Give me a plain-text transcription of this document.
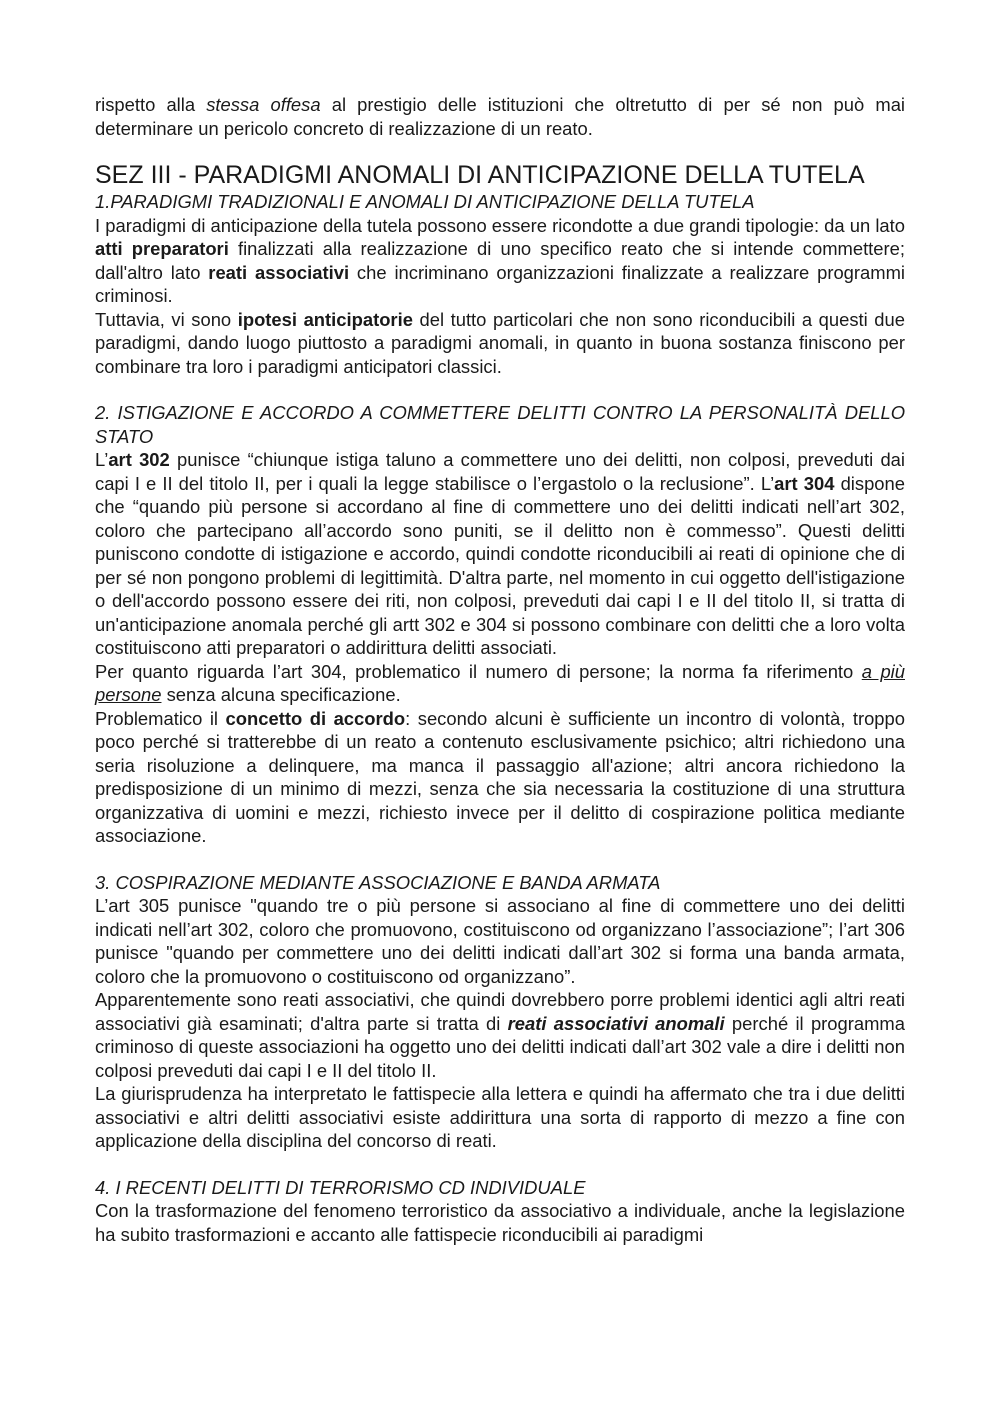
rispetto alla stessa offesa al prestigio delle istituzioni che oltretutto di per sé non può mai determinare un pericolo concreto di realizzazione di un reato.

SEZ III - PARADIGMI ANOMALI DI ANTICIPAZIONE DELLA TUTELA
1.PARADIGMI TRADIZIONALI E ANOMALI DI ANTICIPAZIONE DELLA TUTELA

I paradigmi di anticipazione della tutela possono essere ricondotte a due grandi tipologie: da un lato atti preparatori finalizzati alla realizzazione di uno specifico reato che si intende commettere; dall'altro lato reati associativi che incriminano organizzazioni finalizzate a realizzare programmi criminosi.

Tuttavia, vi sono ipotesi anticipatorie del tutto particolari che non sono riconducibili a questi due paradigmi, dando luogo piuttosto a paradigmi anomali, in quanto in buona sostanza finiscono per combinare tra loro i paradigmi anticipatori classici.

2. ISTIGAZIONE E ACCORDO A COMMETTERE DELITTI CONTRO LA PERSONALITÀ DELLO STATO

L’art 302 punisce “chiunque istiga taluno a commettere uno dei delitti, non colposi, preveduti dai capi I e II del titolo II, per i quali la legge stabilisce o l’ergastolo o la reclusione”. L’art 304 dispone che “quando più persone si accordano al fine di commettere uno dei delitti indicati nell’art 302, coloro che partecipano all’accordo sono puniti, se il delitto non è commesso”. Questi delitti puniscono condotte di istigazione e accordo, quindi condotte riconducibili ai reati di opinione che di per sé non pongono problemi di legittimità. D'altra parte, nel momento in cui oggetto dell'istigazione o dell'accordo possono essere dei riti, non colposi, preveduti dai capi I e II del titolo II, si tratta di un'anticipazione anomala perché gli artt 302 e 304 si possono combinare con delitti che a loro volta costituiscono atti preparatori o addirittura delitti associati.

Per quanto riguarda l’art 304, problematico il numero di persone; la norma fa riferimento a più persone senza alcuna specificazione.

Problematico il concetto di accordo: secondo alcuni è sufficiente un incontro di volontà, troppo poco perché si tratterebbe di un reato a contenuto esclusivamente psichico; altri richiedono una seria risoluzione a delinquere, ma manca il passaggio all'azione; altri ancora richiedono la predisposizione di un minimo di mezzi, senza che sia necessaria la costituzione di una struttura organizzativa di uomini e mezzi, richiesto invece per il delitto di cospirazione politica mediante associazione.

3. COSPIRAZIONE MEDIANTE ASSOCIAZIONE E BANDA ARMATA

L’art 305 punisce "quando tre o più persone si associano al fine di commettere uno dei delitti indicati nell’art 302, coloro che promuovono, costituiscono od organizzano l’associazione”; l’art 306 punisce "quando per commettere uno dei delitti indicati dall’art 302 si forma una banda armata, coloro che la promuovono o costituiscono od organizzano”.

Apparentemente sono reati associativi, che quindi dovrebbero porre problemi identici agli altri reati associativi già esaminati; d'altra parte si tratta di reati associativi anomali perché il programma criminoso di queste associazioni ha oggetto uno dei delitti indicati dall’art 302 vale a dire i delitti non colposi preveduti dai capi I e II del titolo II.

La giurisprudenza ha interpretato le fattispecie alla lettera e quindi ha affermato che tra i due delitti associativi e altri delitti associativi esiste addirittura una sorta di rapporto di mezzo a fine con applicazione della disciplina del concorso di reati.

4. I RECENTI DELITTI DI TERRORISMO CD INDIVIDUALE

Con la trasformazione del fenomeno terroristico da associativo a individuale, anche la legislazione ha subito trasformazioni e accanto alle fattispecie riconducibili ai paradigmi
